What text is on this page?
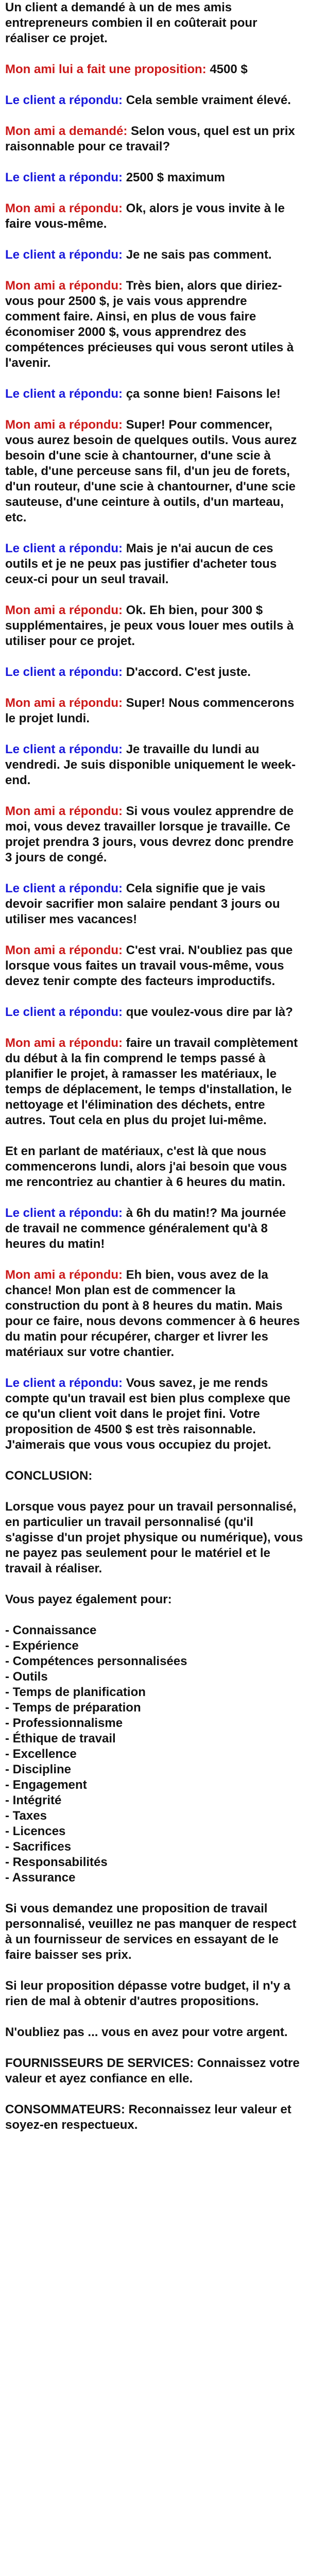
Un client a demandé à un de mes amis entrepreneurs combien il en coûterait pour réaliser ce projet.

Mon ami lui a fait une proposition: 4500 $

Le client a répondu: Cela semble vraiment élevé.

Mon ami a demandé: Selon vous, quel est un prix raisonnable pour ce travail?

Le client a répondu: 2500 $ maximum

Mon ami a répondu: Ok, alors je vous invite à le faire vous-même.

Le client a répondu: Je ne sais pas comment.

Mon ami a répondu: Très bien, alors que diriez-vous pour 2500 $, je vais vous apprendre comment faire. Ainsi, en plus de vous faire économiser 2000 $, vous apprendrez des compétences précieuses qui vous seront utiles à l'avenir.

Le client a répondu: ça sonne bien! Faisons le!

Mon ami a répondu: Super! Pour commencer, vous aurez besoin de quelques outils. Vous aurez besoin d'une scie à chantourner, d'une scie à table, d'une perceuse sans fil, d'un jeu de forets, d'un routeur, d'une scie à chantourner, d'une scie sauteuse, d'une ceinture à outils, d'un marteau, etc.

Le client a répondu: Mais je n'ai aucun de ces outils et je ne peux pas justifier d'acheter tous ceux-ci pour un seul travail.

Mon ami a répondu: Ok. Eh bien, pour 300 $ supplémentaires, je peux vous louer mes outils à utiliser pour ce projet.

Le client a répondu: D'accord. C'est juste.

Mon ami a répondu: Super! Nous commencerons le projet lundi.

Le client a répondu: Je travaille du lundi au vendredi. Je suis disponible uniquement le week-end.

Mon ami a répondu: Si vous voulez apprendre de moi, vous devez travailler lorsque je travaille. Ce projet prendra 3 jours, vous devrez donc prendre 3 jours de congé.

Le client a répondu: Cela signifie que je vais devoir sacrifier mon salaire pendant 3 jours ou utiliser mes vacances!

Mon ami a répondu: C'est vrai. N'oubliez pas que lorsque vous faites un travail vous-même, vous devez tenir compte des facteurs improductifs.

Le client a répondu: que voulez-vous dire par là?

Mon ami a répondu: faire un travail complètement du début à la fin comprend le temps passé à planifier le projet, à ramasser les matériaux, le temps de déplacement, le temps d'installation, le nettoyage et l'élimination des déchets, entre autres. Tout cela en plus du projet lui-même.

Et en parlant de matériaux, c'est là que nous commencerons lundi, alors j'ai besoin que vous me rencontriez au chantier à 6 heures du matin.

Le client a répondu: à 6h du matin!? Ma journée de travail ne commence généralement qu'à 8 heures du matin!

Mon ami a répondu: Eh bien, vous avez de la chance! Mon plan est de commencer la construction du pont à 8 heures du matin. Mais pour ce faire, nous devons commencer à 6 heures du matin pour récupérer, charger et livrer les matériaux sur votre chantier.

Le client a répondu: Vous savez, je me rends compte qu'un travail est bien plus complexe que ce qu'un client voit dans le projet fini. Votre proposition de 4500 $ est très raisonnable. J'aimerais que vous vous occupiez du projet.

CONCLUSION:

Lorsque vous payez pour un travail personnalisé, en particulier un travail personnalisé (qu'il s'agisse d'un projet physique ou numérique), vous ne payez pas seulement pour le matériel et le travail à réaliser.

Vous payez également pour:

- Connaissance
- Expérience
- Compétences personnalisées
- Outils
- Temps de planification
- Temps de préparation
- Professionnalisme
- Éthique de travail
- Excellence
- Discipline
- Engagement
- Intégrité
- Taxes
- Licences
- Sacrifices
- Responsabilités
- Assurance

Si vous demandez une proposition de travail personnalisé, veuillez ne pas manquer de respect à un fournisseur de services en essayant de le faire baisser ses prix.

Si leur proposition dépasse votre budget, il n'y a rien de mal à obtenir d'autres propositions.

N'oubliez pas ... vous en avez pour votre argent.

FOURNISSEURS DE SERVICES: Connaissez votre valeur et ayez confiance en elle.

CONSOMMATEURS: Reconnaissez leur valeur et soyez-en respectueux.
